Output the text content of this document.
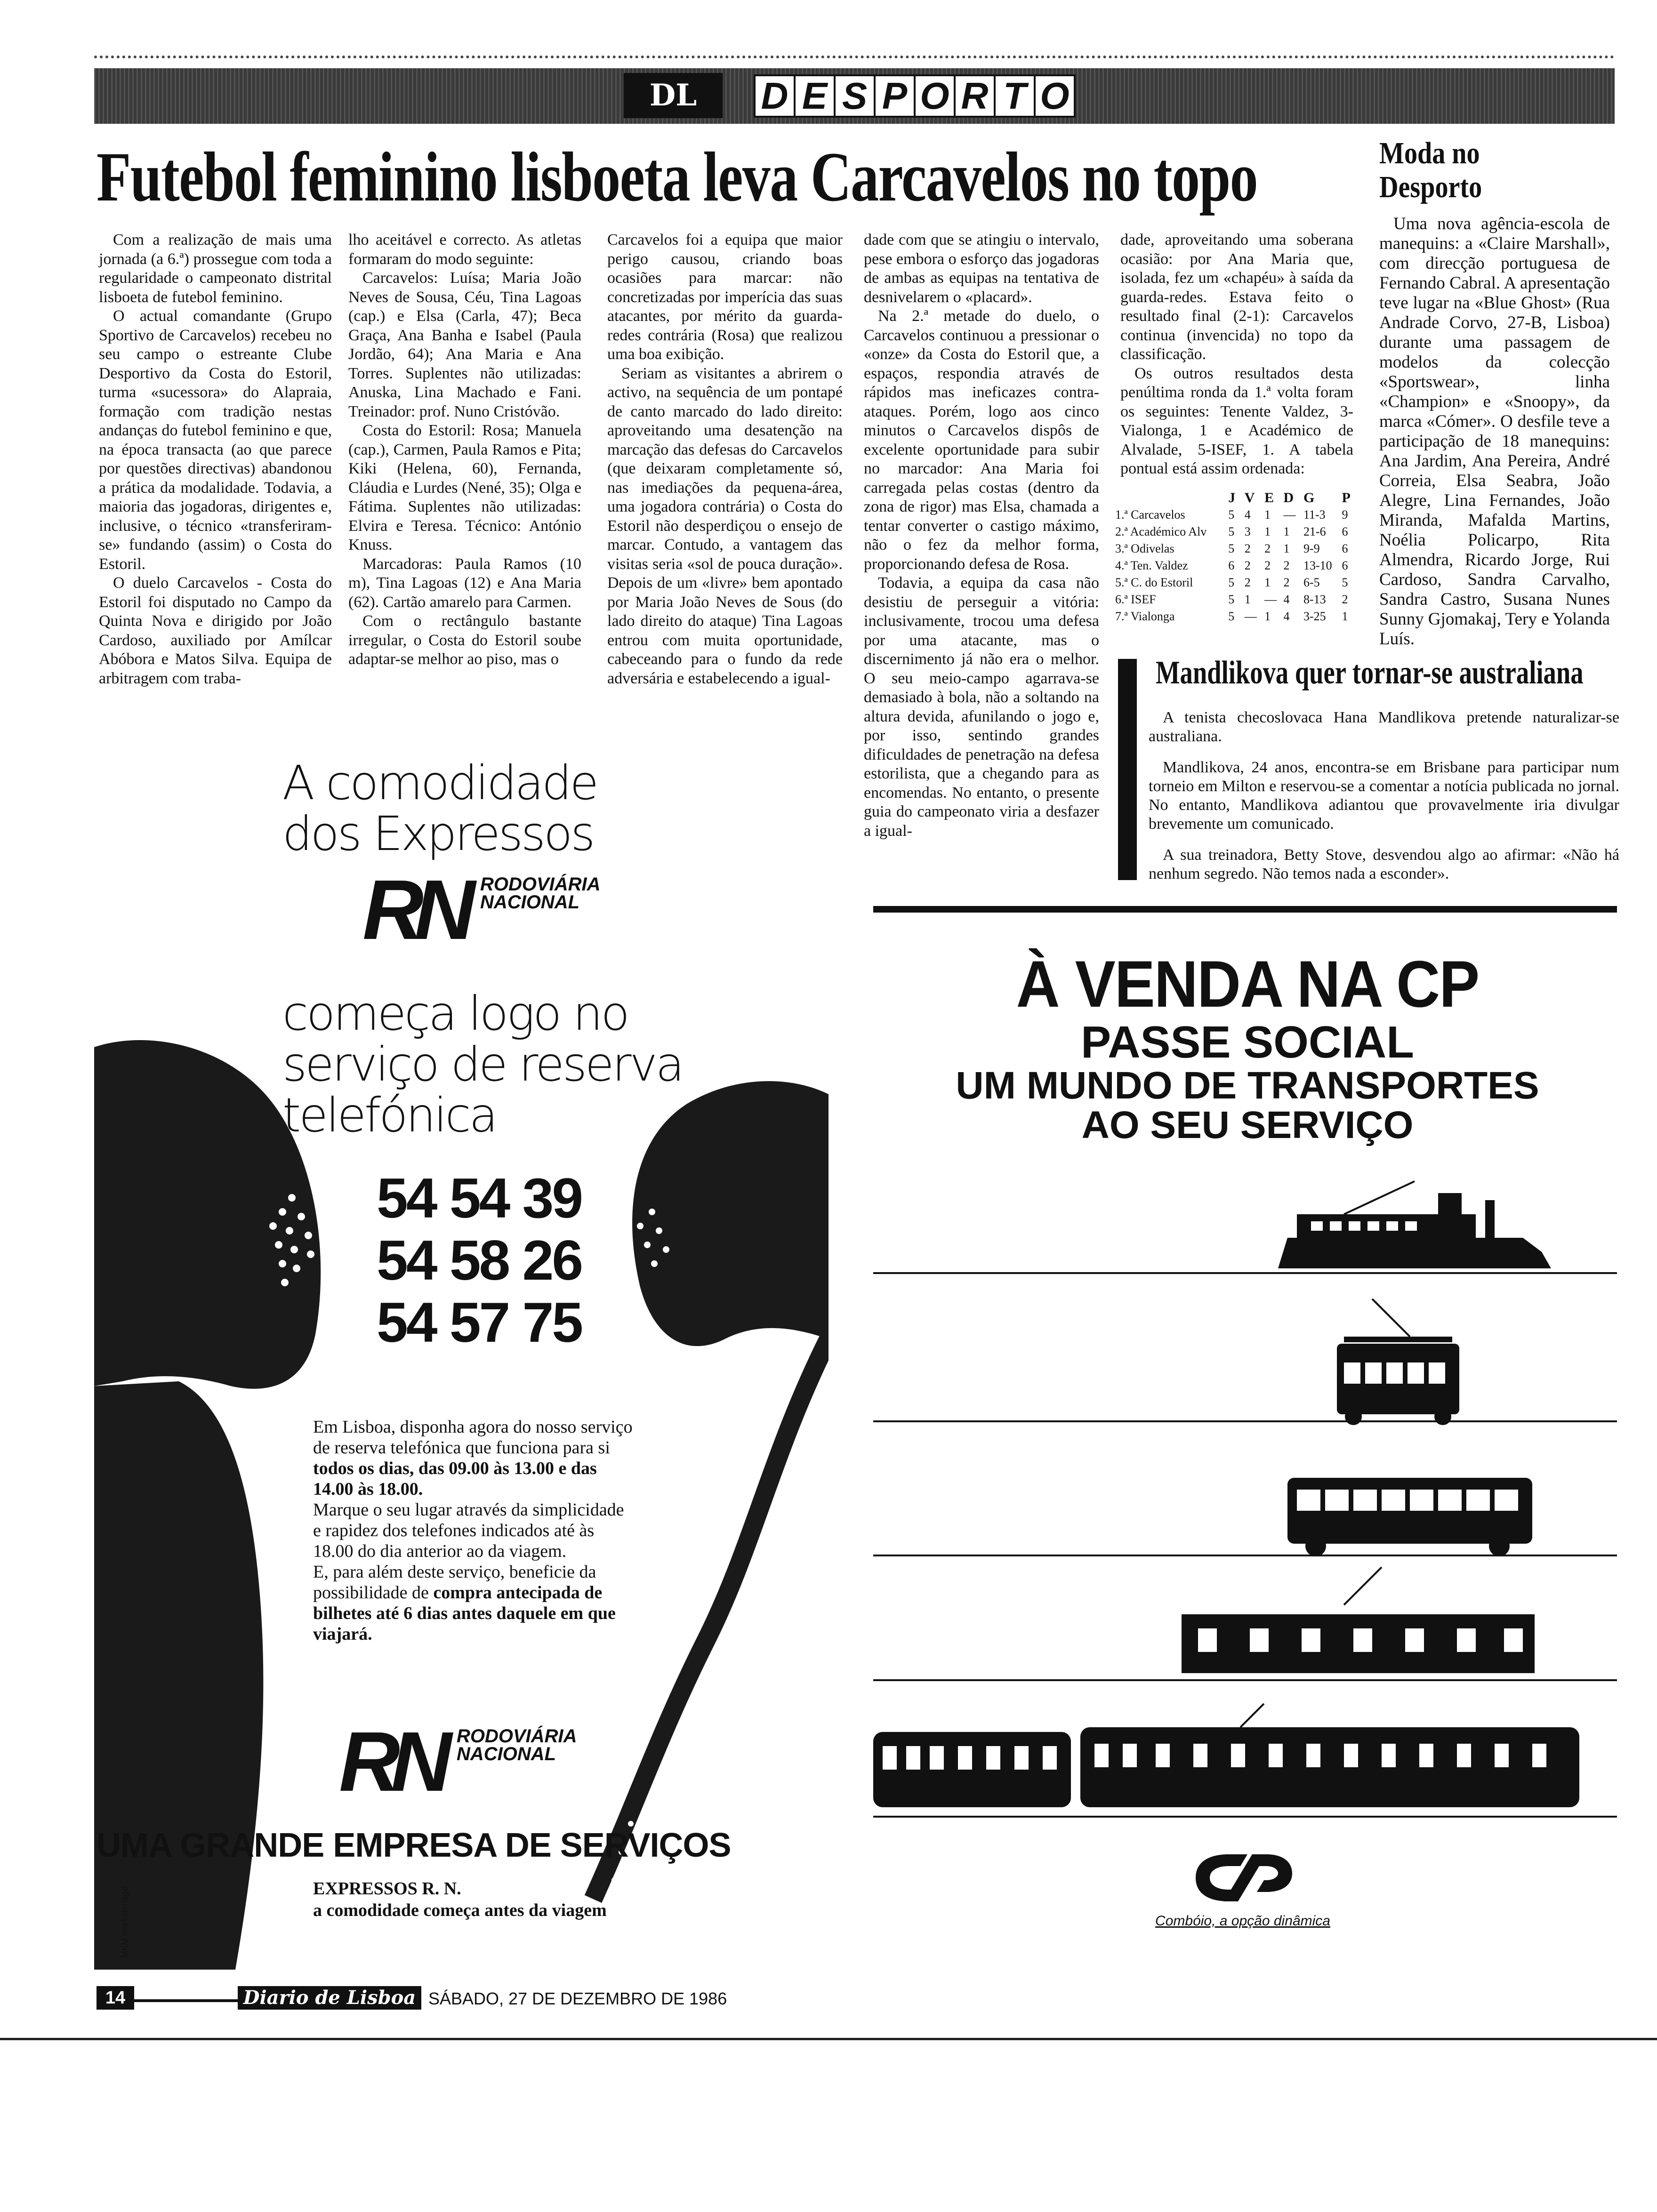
DL	D E S P O R T O
Futebol feminino lisboeta leva Carcavelos no topo

Com a realização de mais uma jornada (a 6.ª) prossegue com toda a regularidade o campeonato distrital lisboeta de futebol feminino.

O actual comandante (Grupo Sportivo de Carcavelos) recebeu no seu campo o estreante Clube Desportivo da Costa do Estoril, turma «sucessora» do Alapraia, formação com tradição nestas andanças do futebol feminino e que, na época transacta (ao que parece por questões directivas) abandonou a prática da modalidade. Todavia, a maioria das jogadoras, dirigentes e, inclusive, o técnico «transferiram-se» fundando (assim) o Costa do Estoril.

O duelo Carcavelos - Costa do Estoril foi disputado no Campo da Quinta Nova e dirigido por João Cardoso, auxiliado por Amílcar Abóbora e Matos Silva. Equipa de arbitragem com traba-

lho aceitável e correcto. As atletas formaram do modo seguinte:

Carcavelos: Luísa; Maria João Neves de Sousa, Céu, Tina Lagoas (cap.) e Elsa (Carla, 47); Beca Graça, Ana Banha e Isabel (Paula Jordão, 64); Ana Maria e Ana Torres. Suplentes não utilizadas: Anuska, Lina Machado e Fani. Treinador: prof. Nuno Cristóvão.

Costa do Estoril: Rosa; Manuela (cap.), Carmen, Paula Ramos e Pita; Kiki (Helena, 60), Fernanda, Cláudia e Lurdes (Nené, 35); Olga e Fátima. Suplentes não utilizadas: Elvira e Teresa. Técnico: António Knuss.

Marcadoras: Paula Ramos (10 m), Tina Lagoas (12) e Ana Maria (62). Cartão amarelo para Carmen.

Com o rectângulo bastante irregular, o Costa do Estoril soube adaptar-se melhor ao piso, mas o

Carcavelos foi a equipa que maior perigo causou, criando boas ocasiões para marcar: não concretizadas por imperícia das suas atacantes, por mérito da guarda-redes contrária (Rosa) que realizou uma boa exibição.

Seriam as visitantes a abrirem o activo, na sequência de um pontapé de canto marcado do lado direito: aproveitando uma desatenção na marcação das defesas do Carcavelos (que deixaram completamente só, nas imediações da pequena-área, uma jogadora contrária) o Costa do Estoril não desperdiçou o ensejo de marcar. Contudo, a vantagem das visitas seria «sol de pouca duração». Depois de um «livre» bem apontado por Maria João Neves de Sous (do lado direito do ataque) Tina Lagoas entrou com muita oportunidade, cabeceando para o fundo da rede adversária e estabelecendo a igual-

dade com que se atingiu o intervalo, pese embora o esforço das jogadoras de ambas as equipas na tentativa de desnivelarem o «placard».

Na 2.ª metade do duelo, o Carcavelos continuou a pressionar o «onze» da Costa do Estoril que, a espaços, respondia através de rápidos mas ineficazes contra-ataques. Porém, logo aos cinco minutos o Carcavelos dispôs de excelente oportunidade para subir no marcador: Ana Maria foi carregada pelas costas (dentro da zona de rigor) mas Elsa, chamada a tentar converter o castigo máximo, não o fez da melhor forma, proporcionando defesa de Rosa.

Todavia, a equipa da casa não desistiu de perseguir a vitória: inclusivamente, trocou uma defesa por uma atacante, mas o discernimento já não era o melhor. O seu meio-campo agarrava-se demasiado à bola, não a soltando na altura devida, afunilando o jogo e, por isso, sentindo grandes dificuldades de penetração na defesa estorilista, que a chegando para as encomendas. No entanto, o presente guia do campeonato viria a desfazer a igual-

dade, aproveitando uma soberana ocasião: por Ana Maria que, isolada, fez um «chapéu» à saída da guarda-redes. Estava feito o resultado final (2-1): Carcavelos continua (invencida) no topo da classificação.

Os outros resultados desta penúltima ronda da 1.ª volta foram os seguintes: Tenente Valdez, 3-Vialonga, 1 e Académico de Alvalade, 5-ISEF, 1. A tabela pontual está assim ordenada:

	J	V	E	D	G	P
1.ª Carcavelos	5	4	1	—	11-3	9
2.ª Académico Alv	5	3	1	1	21-6	6
3.ª Odivelas	5	2	2	1	9-9	6
4.ª Ten. Valdez	6	2	2	2	13-10	6
5.ª C. do Estoril	5	2	1	2	6-5	5
6.ª ISEF	5	1	—	4	8-13	2
7.ª Vialonga	5	—	1	4	3-25	1
Moda no Desporto

Uma nova agência-escola de manequins: a «Claire Marshall», com direcção portuguesa de Fernando Cabral. A apresentação teve lugar na «Blue Ghost» (Rua Andrade Corvo, 27-B, Lisboa) durante uma passagem de modelos da colecção «Sportswear», linha «Champion» e «Snoopy», da marca «Cómer». O desfile teve a participação de 18 manequins: Ana Jardim, Ana Pereira, André Correia, Elsa Seabra, João Alegre, Lina Fernandes, João Miranda, Mafalda Martins, Noélia Policarpo, Rita Almendra, Ricardo Jorge, Rui Cardoso, Sandra Carvalho, Sandra Castro, Susana Nunes Sunny Gjomakaj, Tery e Yolanda Luís.

Mandlikova quer tornar-se australiana

A tenista checoslovaca Hana Mandlikova pretende naturalizar-se australiana.

Mandlikova, 24 anos, encontra-se em Brisbane para participar num torneio em Milton e reservou-se a comentar a notícia publicada no jornal. No entanto, Mandlikova adiantou que provavelmente iria divulgar brevemente um comunicado.

A sua treinadora, Betty Stove, desvendou algo ao afirmar: «Não há nenhum segredo. Não temos nada a esconder».

A comodidade
dos Expressos
RN RODOVIÁRIA
NACIONAL
começa logo no
serviço de reserva
telefónica
54 54 39
54 58 26
54 57 75
Em Lisboa, disponha agora do nosso serviço de reserva telefónica que funciona para si todos os dias, das 09.00 às 13.00 e das 14.00 às 18.00.
Marque o seu lugar através da simplicidade e rapidez dos telefones indicados até às 18.00 do dia anterior ao da viagem.
E, para além deste serviço, beneficie da possibilidade de compra antecipada de bilhetes até 6 dias antes daquele em que viajará.
RN RODOVIÁRIA
NACIONAL
UMA GRANDE EMPRESA DE SERVIÇOS
EXPRESSOS R. N.
a comodidade começa antes da viagem
MKM marketimage
À VENDA NA CP
PASSE SOCIAL
UM MUNDO DE TRANSPORTES
AO SEU SERVIÇO
Combóio, a opção dinâmica
14	Diario de Lisboa SÁBADO, 27 DE DEZEMBRO DE 1986
